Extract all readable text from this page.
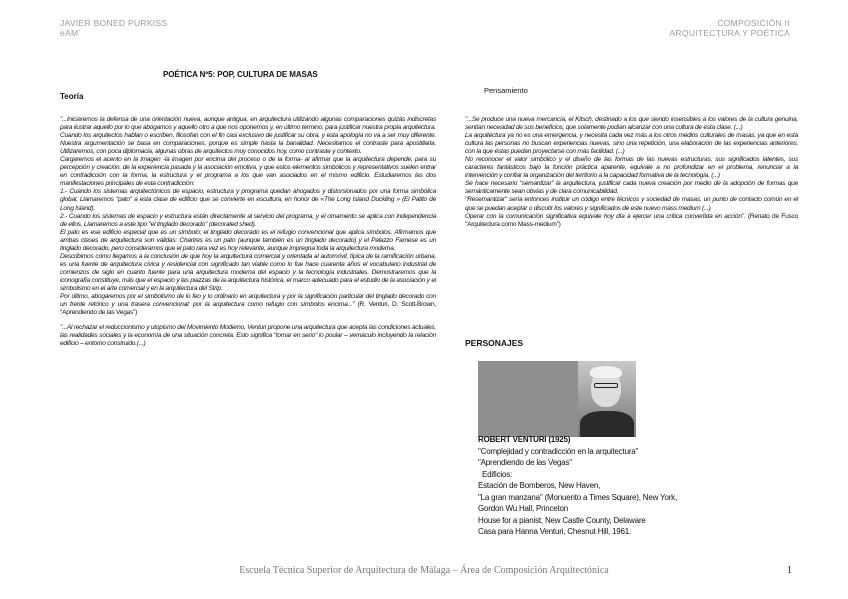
JAVIER BONED PURKISS
eAM´
COMPOSICIÓN II
ARQUITECTURA Y POÉTICA
POÉTICA Nº5: POP, CULTURA DE MASAS
Teoría
Pensamiento

"...Iniciaremos la defensa de una orientación nueva, aunque antigua, en arquitectura utilizando algunas comparaciones quizás indiscretas para ilustrar aquello por lo que abogamos y aquello otro a que nos oponemos y, en último término, para justificar nuestra propia arquitectura. Cuando los arquitectos hablan o escriben, filosofan con el fin casi exclusivo de justificar su obra, y esta apología no va a ser muy diferente. Nuestra argumentación se basa en comparaciones, porque es simple hasta la banalidad. Necesitamos el contraste para apostillarla. Utilizaremos, con poca diplomacia, algunas obras de arquitectos muy conocidos hoy, como contraste y contexto.

Cargaremos el acento en la imagen -la imagen por encima del proceso o de la forma- al afirmar que la arquitectura depende, para su percepción y creación, de la experiencia pasada y la asociación emotiva, y que estos elementos simbólicos y representativos suelen entrar en contradicción con la forma, la estructura y el programa a los que van asociados en el mismo edificio. Estudiaremos las dos manifestaciones principales de esta contradicción:

1.- Cuando los sistemas arquitectónicos de espacio, estructura y programa quedan ahogados y distorsionados por una forma simbólica global. Llamaremos "pato" a esta clase de edificio que se convierte en escultura, en honor de «The Long Island Duckling » (El Patito de Long Island).

2.- Cuando los sistemas de espacio y estructura están directamente al servicio del programa, y el ornamento se aplica con independencia de ellos. Llamaremos a este tipo "el tinglado decorado" (decorated shed).

El pato es ese edificio especial que es un símbolo; el tinglado decorado es el refugio convencional que aplica símbolos. Afirmamos que ambas clases de arquitectura son válidas: Chartres es un pato (aunque también es un tinglado decorado) y el Palazzo Farnese es un tinglado decorado, pero consideramos que el pato rara vez es hoy relevante, aunque impregna toda la arquitectura moderna.

Describimos cómo llegamos a la conclusión de que hoy la arquitectura comercial y orientada al automóvil, típica de la ramificación urbana, es una fuente de arquitectura cívica y residencial con significado tan viable como lo fue hace cuarenta años el vocabulario industrial de comienzos de siglo en cuanto fuente para una arquitectura moderna del espacio y la tecnología industriales. Demostraremos que la iconografía constituye, más que el espacio y las piazzas de la arquitectura histórica, el marco adecuado para el estudio de la asociación y el simbolismo en el arte comercial y en la arquitectura del Strip.

Por último, abogaremos por el simbolismo de lo feo y lo ordinario en arquitectura y por la significación particular del tinglado decorado con un frente retórico y una trasera convencional: por la arquitectura como refugio con símbolos encima..." (R. Venturi, D. Scott-Brown, "Aprendiendo de las Vegas")

"...Al rechazar el reduccionismo y utopismo del Movimiento Moderno, Venturi propone una arquitectura que acepta las condiciones actuales, las realidades sociales y la economía de una situación concreta. Esto significa "tomar en serio" lo poular – vernáculo incluyendo la relación edificio – entorno construido.(...)

"...Se produce una nueva mercancía, el Kitsch, destinado a los que siendo insensibles a los valores de la cultura genuina, sentían necesidad de sus beneficios, que solamente podían alcanzar con una cultura de esta clase. (...)

La arquitectura ya no es una emergencia, y necesita cada vez más a los otros medios culturales de masas, ya que en esta cultura las personas no buscan experiencias nuevas, sino una repetición, una elaboración de las experiencias anteriores, con la que éstas puedan proyectarse con más facilidad. (...)

No reconocer el valor simbólico y el diseño de las formas de las nuevas estructuras, sus significados latentes, sus caracteres fantásticos bajo la función práctica aparente, equivale a no profundizar en el problema, renunciar a la intervención y confiar la organización del territorio a la capacidad formativa de la tecnología. (...)

Se hace necesario "semantizar" la arquitectura, justificar cada nueva creación por medio de la adopción de formas que semánticamente sean obvias y de clara comunicabilidad.

"Resemantizar" sería entonces instituir un código entre técnicos y sociedad de masas, un punto de contacto común en el que se puedan aceptar o discutir los valores y significados de este nuevo mass medium (...)

Operar con la comunicación significativa equivale hoy día a ejercer una crítica convertida en acción". (Renato de Fusco "Arquitectura como Mass-medium")

PERSONAJES
ROBERT VENTURI (1925)
"Complejidad y contradicción en la arquitectura"
"Aprendiendo de las Vegas"
Edificios:
Estación de Bomberos, New Haven,
"La gran manzana" (Monuento a Times Square), New York,
Gordon Wu Hall, Princeton
House for a pianist, New Castle County, Delaware
Casa para Hanna Venturi, Chesnut Hill, 1961.
Escuela Técnica Superior de Arquitectura de Málaga – Área de Composición Arquitectónica	1
